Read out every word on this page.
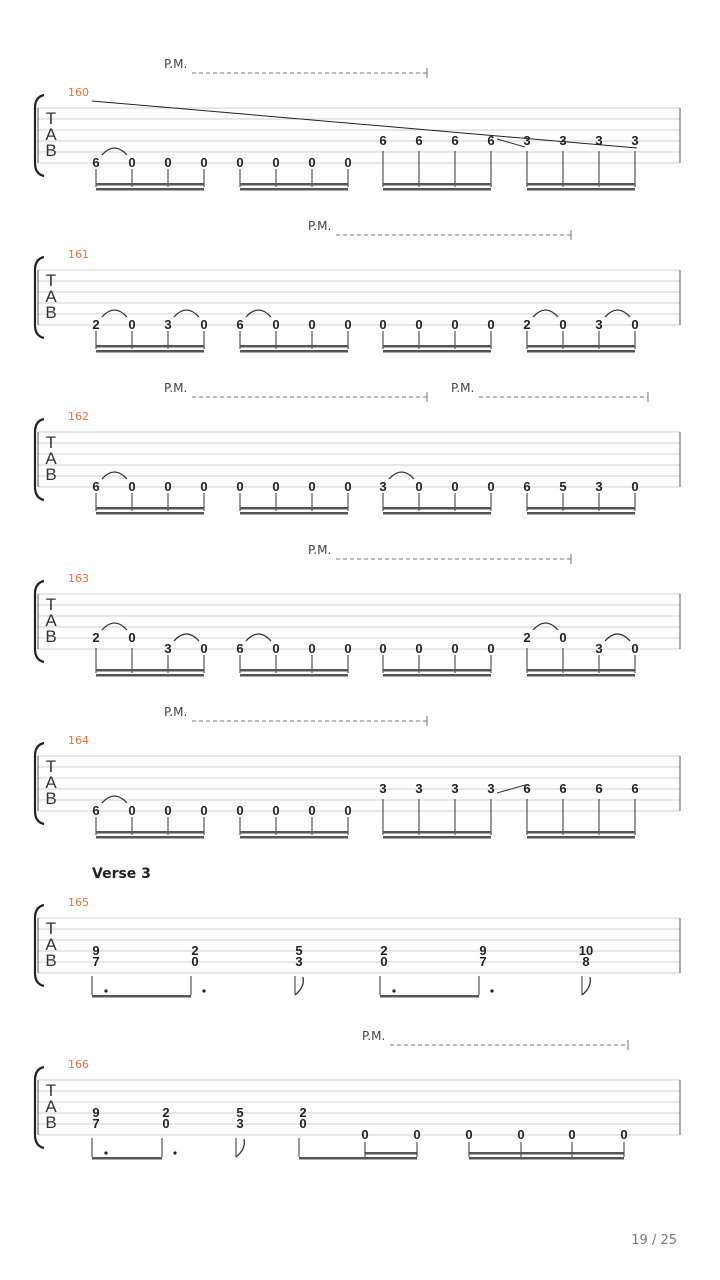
T
A
B
160
P.M.
6 0 0 0 0 0 0 0
6 6 6 6 3 3 3 3
T
A
B
161
P.M.
2 0 3 0 6 0 0 0 0 0 0 0 2 0 3 0
T
A
B
162
P.M.	P.M.
6 0 0 0 0 0 0 0 3 0 0 0 6 5 3 0
T
A
B
163
P.M.
2 0
3 0 6 0 0 0 0 0 0 0
2 0
3 0
T
A
B
164
P.M.
6 0 0 0 0 0 0 0
3 3 3 3 6 6 6 6
T
A
B
165
Verse 3
9
7
2
0
5
3
2
0
9
7
10
8
T
A
B
166
P.M.
9
7
2
0
5
3
2
0
0	0	0	0	0	0
19 / 25
